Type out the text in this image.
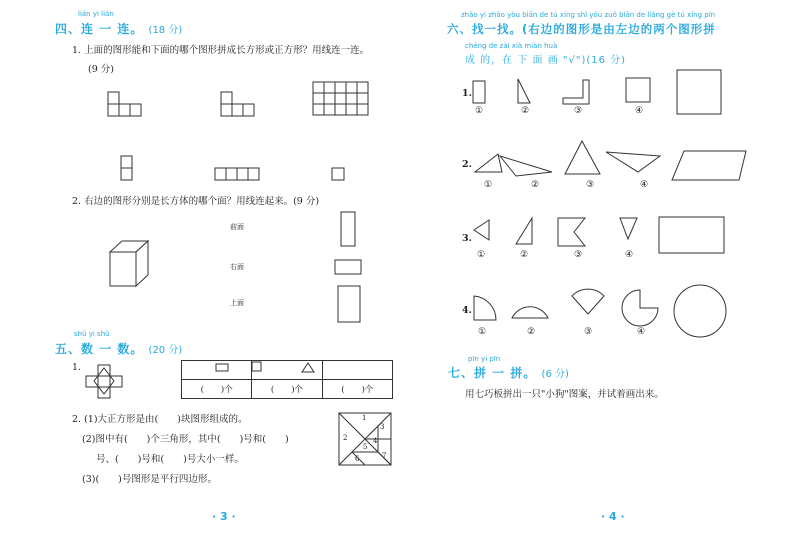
lián yi lián
四、连 一 连。 (18 分)
1. 上面的图形能和下面的哪个图形拼成长方形或正方形？用线连一连。
(9 分)
2. 右边的图形分别是长方体的哪个面？用线连起来。(9 分)
前面
右面
上面
shǔ yi shǔ
五、数 一 数。 (20 分)
1.

(　　)个	(　　)个	(　　)个
2. (1)大正方形是由(　　)块图形组成的。
(2)图中有(　　)个三角形，其中(　　)号和(　　)
号、(　　)号和(　　)号大小一样。
(3)(　　)号图形是平行四边形。
1
2
3
4
5
6	7
· 3 ·
zhǎo yi zhǎo yòu biān de tú xíng shì yóu zuǒ biān de liǎng gè tú xíng pīn
六、找一找。(右边的图形是由左边的两个图形拼
chéng de zài xià miàn huà
成 的，在 下 面 画 "√")(16 分)
1.
①	②	③	④
2.
①	②	③	④
3.
①	②	③	④
4.
①	②	③	④
pīn yi pīn
七、拼 一 拼。 (6 分)
用七巧板拼出一只"小狗"图案，并试着画出来。
· 4 ·
